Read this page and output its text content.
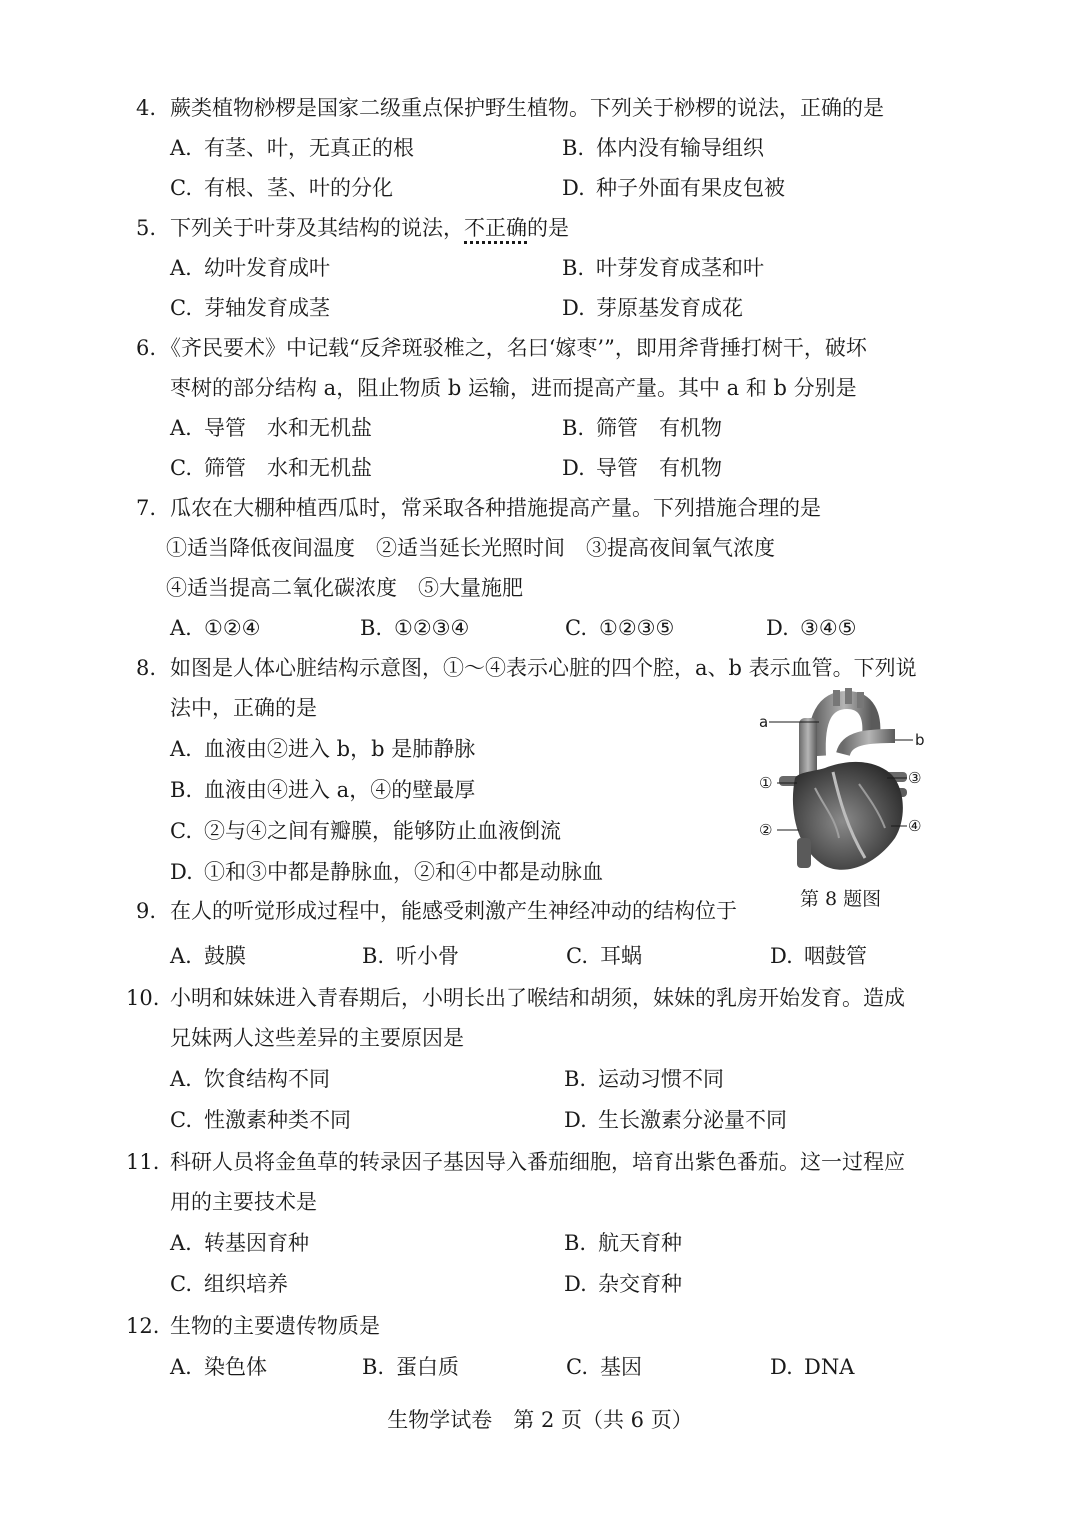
4. 蕨类植物桫椤是国家二级重点保护野生植物。下列关于桫椤的说法，正确的是
A. 有茎、叶，无真正的根	B. 体内没有输导组织
C. 有根、茎、叶的分化	D. 种子外面有果皮包被
5. 下列关于叶芽及其结构的说法，不正确的是
A. 幼叶发育成叶	B. 叶芽发育成茎和叶
C. 芽轴发育成茎	D. 芽原基发育成花
6. 《齐民要术》中记载“反斧斑驳椎之，名曰‘嫁枣’”，即用斧背捶打树干，破坏
枣树的部分结构 a，阻止物质 b 运输，进而提高产量。其中 a 和 b 分别是
A. 导管　水和无机盐	B. 筛管　有机物
C. 筛管　水和无机盐	D. 导管　有机物
7. 瓜农在大棚种植西瓜时，常采取各种措施提高产量。下列措施合理的是
①适当降低夜间温度　②适当延长光照时间　③提高夜间氧气浓度
④适当提高二氧化碳浓度　⑤大量施肥
A. ①②④	B. ①②③④	C. ①②③⑤	D. ③④⑤
8. 如图是人体心脏结构示意图，①～④表示心脏的四个腔，a、b 表示血管。下列说
法中，正确的是
A. 血液由②进入 b，b 是肺静脉
B. 血液由④进入 a，④的壁最厚
C. ②与④之间有瓣膜，能够防止血液倒流
D. ①和③中都是静脉血，②和④中都是动脉血
a
b
①	③
②	④
第 8 题图
9. 在人的听觉形成过程中，能感受刺激产生神经冲动的结构位于
A. 鼓膜	B. 听小骨	C. 耳蜗	D. 咽鼓管
10. 小明和妹妹进入青春期后，小明长出了喉结和胡须，妹妹的乳房开始发育。造成
兄妹两人这些差异的主要原因是
A. 饮食结构不同	B. 运动习惯不同
C. 性激素种类不同	D. 生长激素分泌量不同
11. 科研人员将金鱼草的转录因子基因导入番茄细胞，培育出紫色番茄。这一过程应
用的主要技术是
A. 转基因育种	B. 航天育种
C. 组织培养	D. 杂交育种
12. 生物的主要遗传物质是
A. 染色体	B. 蛋白质	C. 基因	D. DNA
生物学试卷　第 2 页（共 6 页）
